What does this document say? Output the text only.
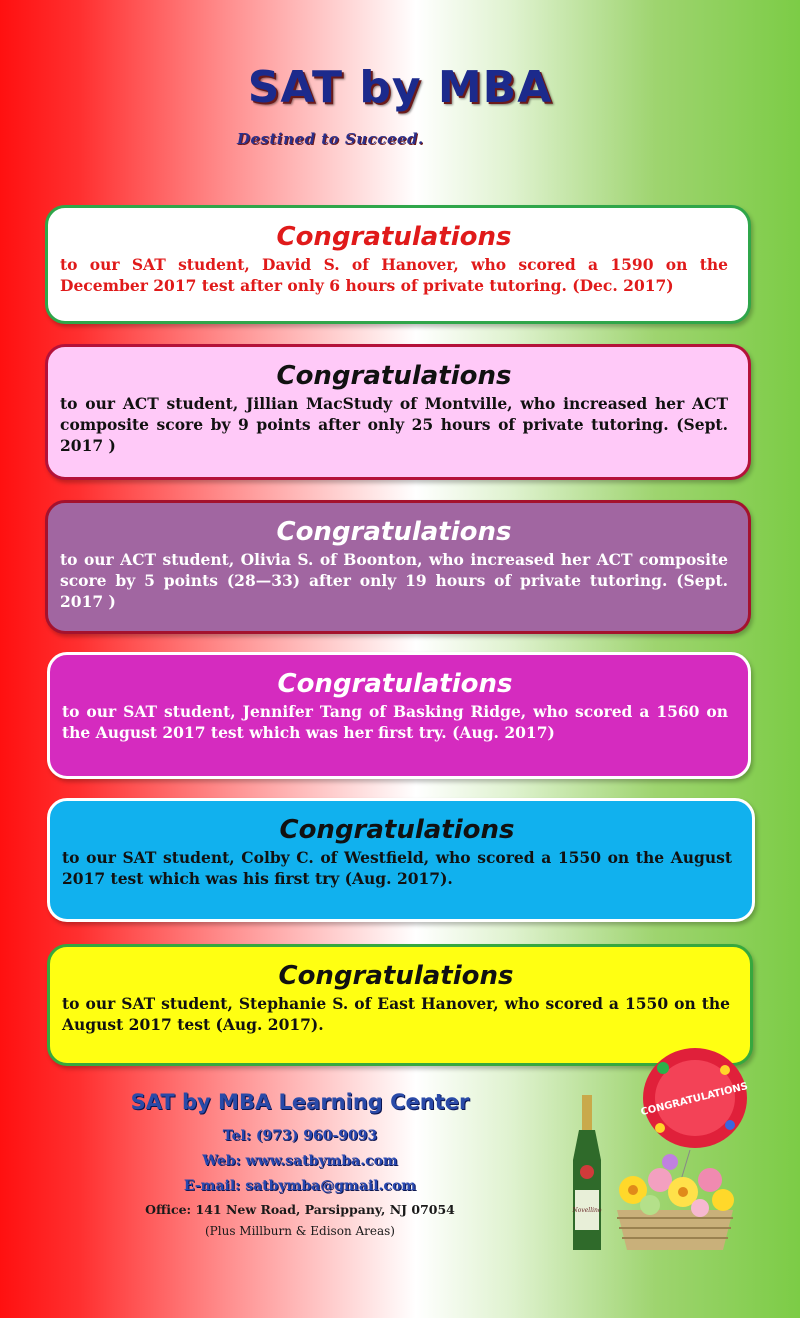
SAT by MBA
Destined to Succeed.
Congratulations

to our SAT student, David S. of Hanover, who scored a 1590 on the December 2017 test after only 6 hours of private tutoring. (Dec. 2017)

Congratulations

to our ACT student, Jillian MacStudy of Montville, who increased her ACT composite score by 9 points after only 25 hours of private tutoring. (Sept. 2017 )

Congratulations

to our ACT student, Olivia S. of Boonton, who increased her ACT composite score by 5 points (28—33) after only 19 hours of private tutoring. (Sept. 2017 )

Congratulations

to our SAT student, Jennifer Tang of Basking Ridge, who scored a 1560 on the August 2017 test which was her first try. (Aug. 2017)

Congratulations

to our SAT student, Colby C. of Westfield, who scored a 1550 on the August 2017 test which was his first try (Aug. 2017).

Congratulations

to our SAT student, Stephanie S. of East Hanover, who scored a 1550 on the August 2017 test (Aug. 2017).

SAT by MBA Learning Center
Tel: (973) 960-9093
Web: www.satbymba.com
E-mail: satbymba@gmail.com
Office: 141 New Road, Parsippany, NJ 07054
(Plus Millburn & Edison Areas)
CONGRATULATIONS
Novellino
